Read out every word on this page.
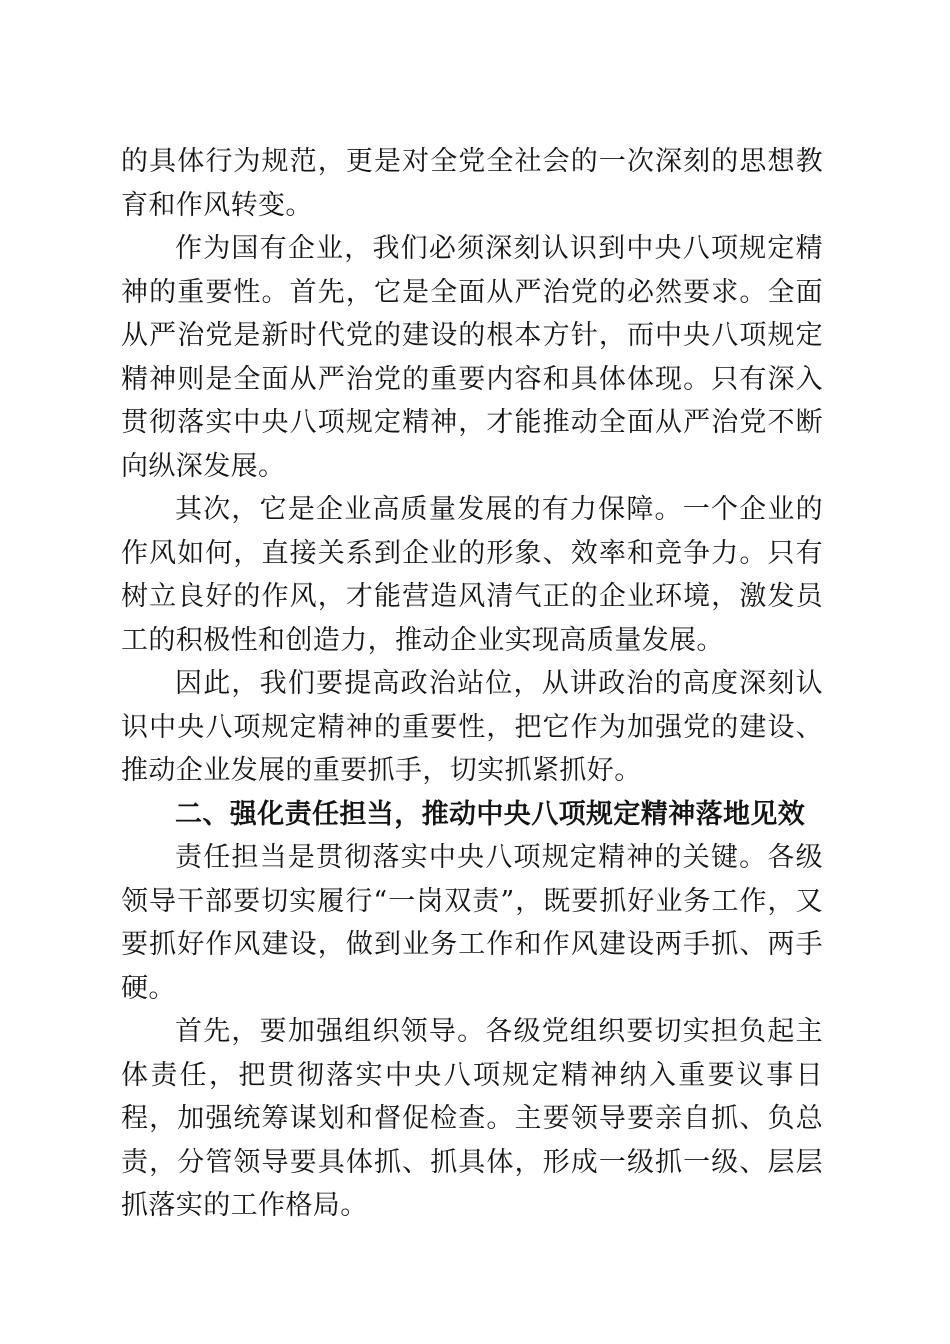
的具体行为规范，更是对全党全社会的一次深刻的思想教育和作风转变。

作为国有企业，我们必须深刻认识到中央八项规定精神的重要性。首先，它是全面从严治党的必然要求。全面从严治党是新时代党的建设的根本方针，而中央八项规定精神则是全面从严治党的重要内容和具体体现。只有深入贯彻落实中央八项规定精神，才能推动全面从严治党不断向纵深发展。

其次，它是企业高质量发展的有力保障。一个企业的作风如何，直接关系到企业的形象、效率和竞争力。只有树立良好的作风，才能营造风清气正的企业环境，激发员工的积极性和创造力，推动企业实现高质量发展。

因此，我们要提高政治站位，从讲政治的高度深刻认识中央八项规定精神的重要性，把它作为加强党的建设、推动企业发展的重要抓手，切实抓紧抓好。

二、强化责任担当，推动中央八项规定精神落地见效

责任担当是贯彻落实中央八项规定精神的关键。各级领导干部要切实履行“一岗双责”，既要抓好业务工作，又要抓好作风建设，做到业务工作和作风建设两手抓、两手硬。

首先，要加强组织领导。各级党组织要切实担负起主体责任，把贯彻落实中央八项规定精神纳入重要议事日程，加强统筹谋划和督促检查。主要领导要亲自抓、负总责，分管领导要具体抓、抓具体，形成一级抓一级、层层抓落实的工作格局。
